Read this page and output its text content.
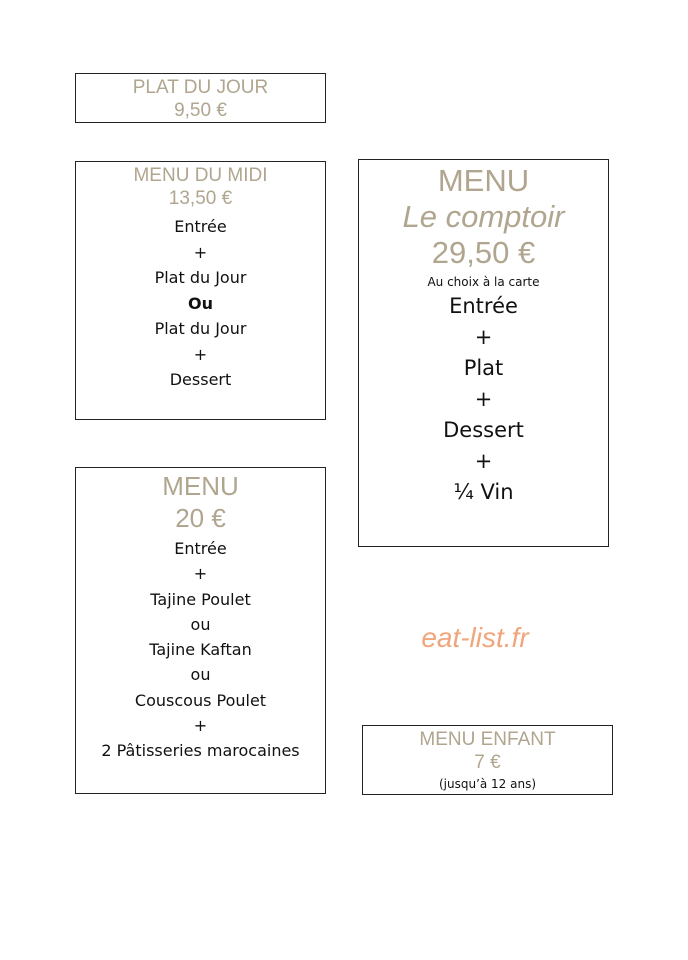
PLAT DU JOUR
9,50 €
MENU DU MIDI
13,50 €
Entrée
+
Plat du Jour
Ou
Plat du Jour
+
Dessert
MENU
Le comptoir
29,50 €
Au choix à la carte
Entrée
+
Plat
+
Dessert
+
¼ Vin
MENU
20 €
Entrée
+
Tajine Poulet
ou
Tajine Kaftan
ou
Couscous Poulet
+
2 Pâtisseries marocaines
eat-list.fr
MENU ENFANT
7 €
(jusqu’à 12 ans)
